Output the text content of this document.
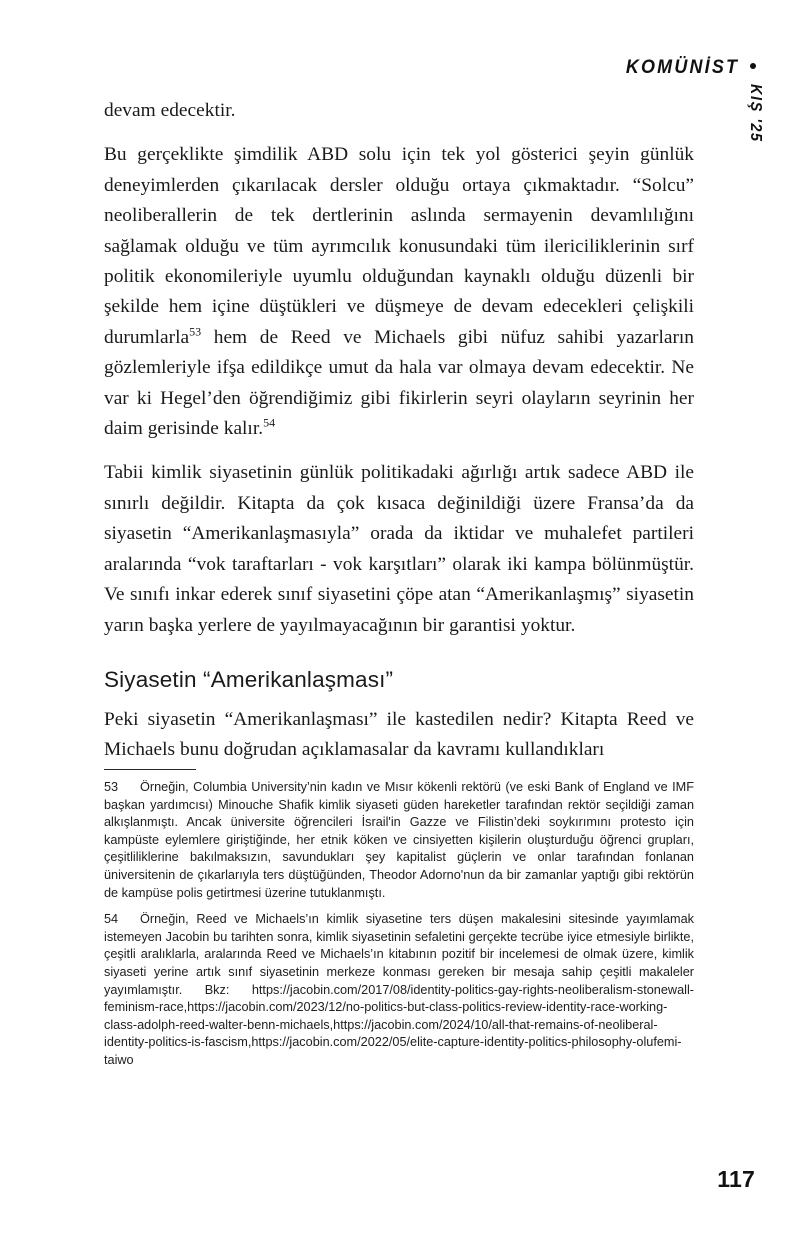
KOMÜNİST
KIŞ '25

devam edecektir.

Bu gerçeklikte şimdilik ABD solu için tek yol gösterici şeyin günlük deneyimlerden çıkarılacak dersler olduğu ortaya çıkmaktadır. “Solcu” neoliberallerin de tek dertlerinin aslında sermayenin devamlılığını sağlamak olduğu ve tüm ayrımcılık konusundaki tüm ilericiliklerinin sırf politik ekonomileriyle uyumlu olduğundan kaynaklı olduğu düzenli bir şekilde hem içine düştükleri ve düşmeye de devam edecekleri çelişkili durumlarla$^{53}$ hem de Reed ve Michaels gibi nüfuz sahibi yazarların gözlemleriyle ifşa edildikçe umut da hala var olmaya devam edecektir. Ne var ki Hegel’den öğrendiğimiz gibi fikirlerin seyri olayların seyrinin her daim gerisinde kalır.$^{54}$

Tabii kimlik siyasetinin günlük politikadaki ağırlığı artık sadece ABD ile sınırlı değildir. Kitapta da çok kısaca değinildiği üzere Fransa’da da siyasetin “Amerikanlaşmasıyla” orada da iktidar ve muhalefet partileri aralarında “vok taraftarları - vok karşıtları” olarak iki kampa bölünmüştür. Ve sınıfı inkar ederek sınıf siyasetini çöpe atan “Amerikanlaşmış” siyasetin yarın başka yerlere de yayılmayacağının bir garantisi yoktur.

Siyasetin “Amerikanlaşması”

Peki siyasetin “Amerikanlaşması” ile kastedilen nedir? Kitapta Reed ve Michaels bunu doğrudan açıklamasalar da kavramı kullandıkları

53 Örneğin, Columbia University’nin kadın ve Mısır kökenli rektörü (ve eski Bank of England ve IMF başkan yardımcısı) Minouche Shafik kimlik siyaseti güden hareketler tarafından rektör seçildiği zaman alkışlanmıştı. Ancak üniversite öğrencileri İsrail'in Gazze ve Filistin’deki soykırımını protesto için kampüste eylemlere giriştiğinde, her etnik köken ve cinsiyetten kişilerin oluşturduğu öğrenci grupları, çeşitliliklerine bakılmaksızın, savundukları şey kapitalist güçlerin ve onlar tarafından fonlanan üniversitenin de çıkarlarıyla ters düştüğünden, Theodor Adorno'nun da bir zamanlar yaptığı gibi rektörün de kampüse polis getirtmesi üzerine tutuklanmıştı.

54 Örneğin, Reed ve Michaels’ın kimlik siyasetine ters düşen makalesini sitesinde yayımlamak istemeyen Jacobin bu tarihten sonra, kimlik siyasetinin sefaletini gerçekte tecrübe iyice etmesiyle birlikte, çeşitli aralıklarla, aralarında Reed ve Michaels’ın kitabının pozitif bir incelemesi de olmak üzere, kimlik siyaseti yerine artık sınıf siyasetinin merkeze konması gereken bir mesaja sahip çeşitli makaleler yayımlamıştır. Bkz: https://jacobin.com/2017/08/identity-politics-gay-rights-neoliberalism-stonewall-feminism-race,https://jacobin.com/2023/12/no-politics-but-class-politics-review-identity-race-working-class-adolph-reed-walter-benn-michaels,https://jacobin.com/2024/10/all-that-remains-of-neoliberal-identity-politics-is-fascism,https://jacobin.com/2022/05/elite-capture-identity-politics-philosophy-olufemi-taiwo

117
